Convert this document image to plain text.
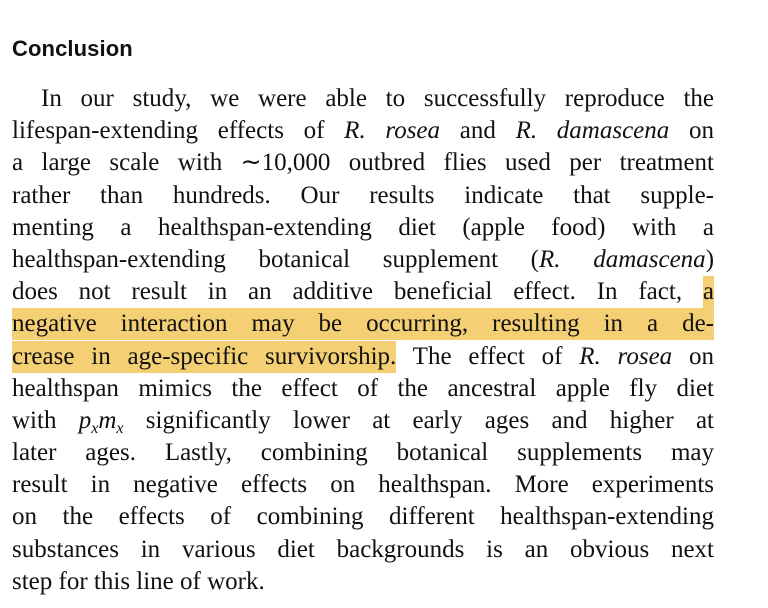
Conclusion
In our study, we were able to successfully reproduce the
lifespan-extending effects of R. rosea and R. damascena on
a large scale with ∼10,000 outbred flies used per treatment
rather than hundreds. Our results indicate that supple-
menting a healthspan-extending diet (apple food) with a
healthspan-extending botanical supplement (R. damascena)
does not result in an additive beneficial effect. In fact, a
negative interaction may be occurring, resulting in a de-
crease in age-specific survivorship. The effect of R. rosea on
healthspan mimics the effect of the ancestral apple fly diet
with $p_xm_x$ significantly lower at early ages and higher at
later ages. Lastly, combining botanical supplements may
result in negative effects on healthspan. More experiments
on the effects of combining different healthspan-extending
substances in various diet backgrounds is an obvious next
step for this line of work.
